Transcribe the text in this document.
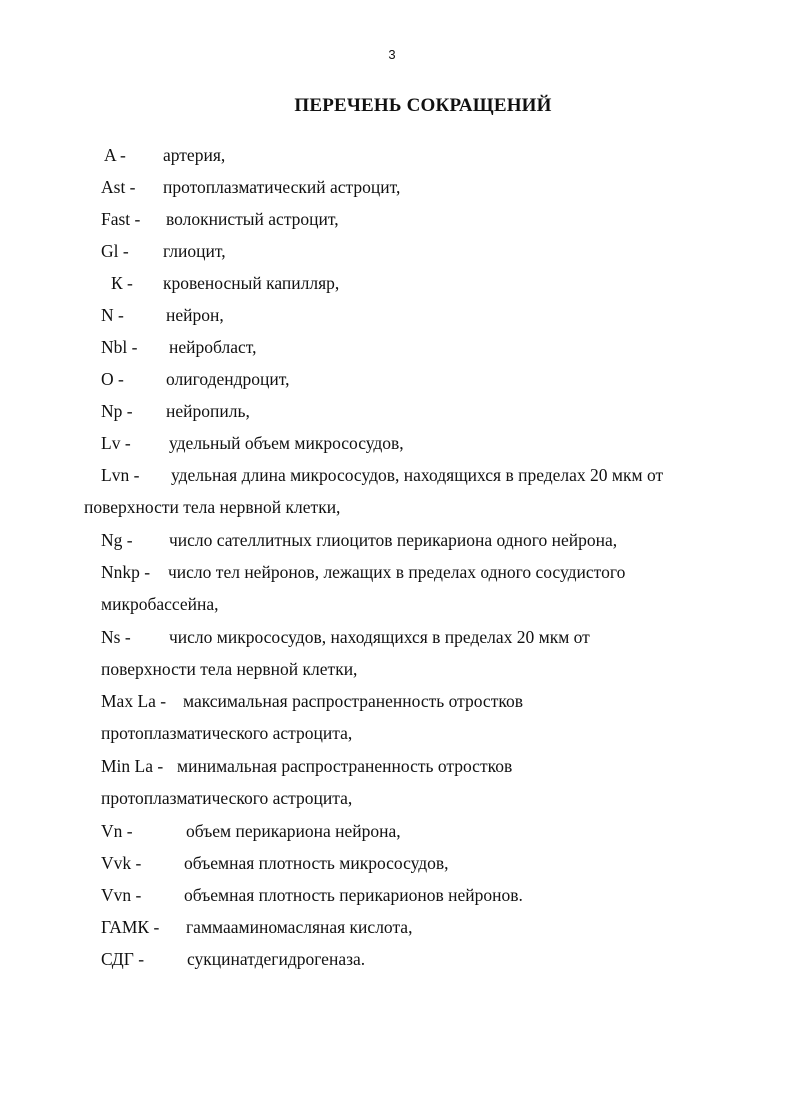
3
ПЕРЕЧЕНЬ СОКРАЩЕНИЙ
A - артерия,
Ast - протоплазматический астроцит,
Fast - волокнистый астроцит,
Gl - глиоцит,
К - кровеносный капилляр,
N - нейрон,
Nbl - нейробласт,
O - олигодендроцит,
Np - нейропиль,
Lv - удельный объем микрососудов,
Lvn - удельная длина микрососудов, находящихся в пределах 20 мкм от
поверхности тела нервной клетки,
Ng - число сателлитных глиоцитов перикариона одного нейрона,
Nnkp - число тел нейронов, лежащих в пределах одного сосудистого
микробассейна,
Ns - число микрососудов, находящихся в пределах 20 мкм от
поверхности тела нервной клетки,
Max La - максимальная распространенность отростков
протоплазматического астроцита,
Min La - минимальная распространенность отростков
протоплазматического астроцита,
Vn -	объем перикариона нейрона,
Vvk - объемная плотность микрососудов,
Vvn - объемная плотность перикарионов нейронов.
ГАМК - гаммааминомасляная кислота,
СДГ - сукцинатдегидрогеназа.
